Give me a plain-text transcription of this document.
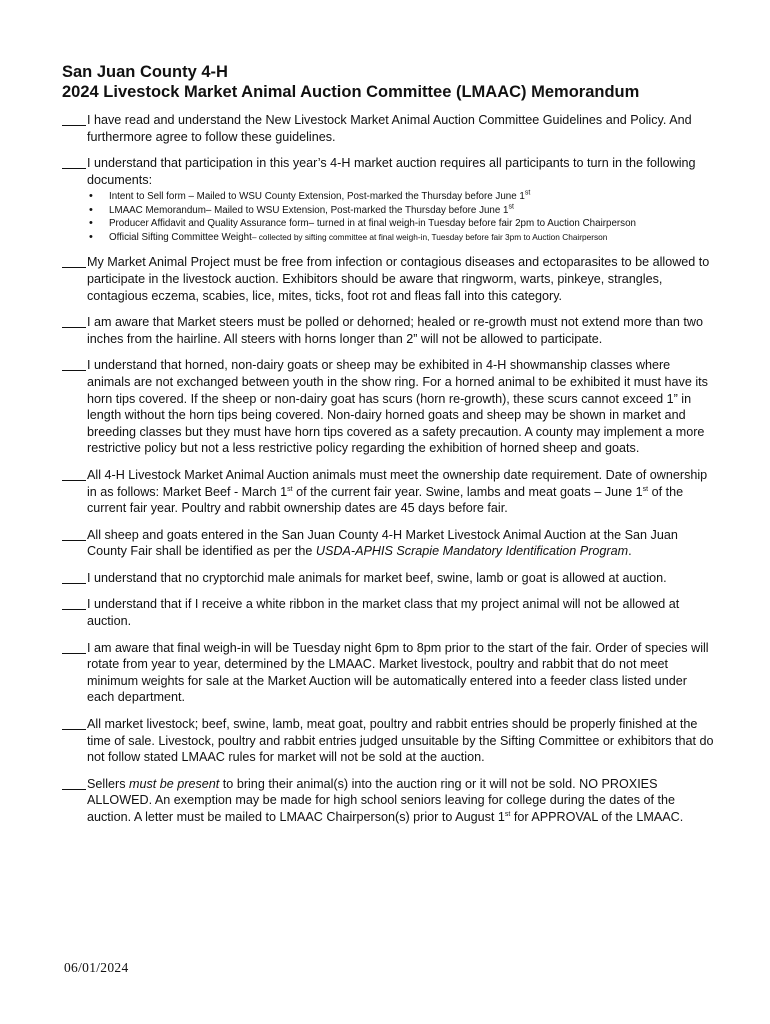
San Juan County 4-H
2024 Livestock Market Animal Auction Committee (LMAAC) Memorandum
I have read and understand the New Livestock Market Animal Auction Committee Guidelines and Policy. And furthermore agree to follow these guidelines.
I understand that participation in this year’s 4-H market auction requires all participants to turn in the following documents:
• Intent to Sell form – Mailed to WSU County Extension, Post-marked the Thursday before June 1st
• LMAAC Memorandum– Mailed to WSU Extension, Post-marked the Thursday before June 1st
• Producer Affidavit and Quality Assurance form– turned in at final weigh-in Tuesday before fair 2pm to Auction Chairperson
• Official Sifting Committee Weight– collected by sifting committee at final weigh-in, Tuesday before fair 3pm to Auction Chairperson
My Market Animal Project must be free from infection or contagious diseases and ectoparasites to be allowed to participate in the livestock auction. Exhibitors should be aware that ringworm, warts, pinkeye, strangles, contagious eczema, scabies, lice, mites, ticks, foot rot and fleas fall into this category.
I am aware that Market steers must be polled or dehorned; healed or re-growth must not extend more than two inches from the hairline. All steers with horns longer than 2” will not be allowed to participate.
I understand that horned, non-dairy goats or sheep may be exhibited in 4-H showmanship classes where animals are not exchanged between youth in the show ring. For a horned animal to be exhibited it must have its horn tips covered. If the sheep or non-dairy goat has scurs (horn re-growth), these scurs cannot exceed 1” in length without the horn tips being covered. Non-dairy horned goats and sheep may be shown in market and breeding classes but they must have horn tips covered as a safety precaution. A county may implement a more restrictive policy but not a less restrictive policy regarding the exhibition of horned sheep and goats.
All 4-H Livestock Market Animal Auction animals must meet the ownership date requirement. Date of ownership in as follows: Market Beef - March 1st of the current fair year. Swine, lambs and meat goats – June 1st of the current fair year. Poultry and rabbit ownership dates are 45 days before fair.
All sheep and goats entered in the San Juan County 4-H Market Livestock Animal Auction at the San Juan County Fair shall be identified as per the USDA-APHIS Scrapie Mandatory Identification Program.
I understand that no cryptorchid male animals for market beef, swine, lamb or goat is allowed at auction.
I understand that if I receive a white ribbon in the market class that my project animal will not be allowed at auction.
I am aware that final weigh-in will be Tuesday night 6pm to 8pm prior to the start of the fair. Order of species will rotate from year to year, determined by the LMAAC. Market livestock, poultry and rabbit that do not meet minimum weights for sale at the Market Auction will be automatically entered into a feeder class listed under each department.
All market livestock; beef, swine, lamb, meat goat, poultry and rabbit entries should be properly finished at the time of sale. Livestock, poultry and rabbit entries judged unsuitable by the Sifting Committee or exhibitors that do not follow stated LMAAC rules for market will not be sold at the auction.
Sellers must be present to bring their animal(s) into the auction ring or it will not be sold. NO PROXIES ALLOWED. An exemption may be made for high school seniors leaving for college during the dates of the auction. A letter must be mailed to LMAAC Chairperson(s) prior to August 1st for APPROVAL of the LMAAC.
06/01/2024
